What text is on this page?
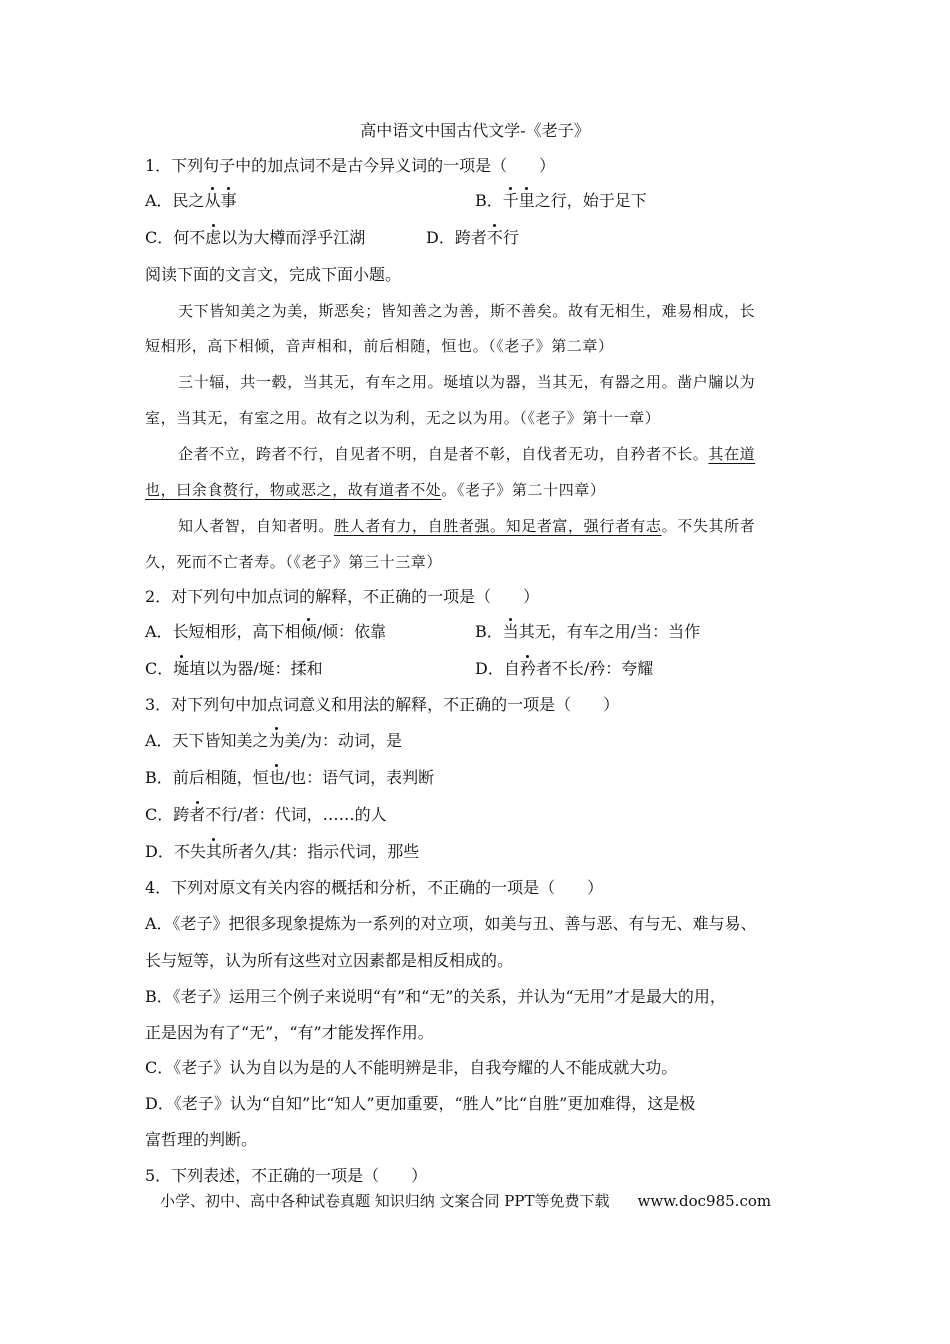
高中语文中国古代文学-《老子》
1．下列句子中的加点词不是古今异义词的一项是（　　）
A．民之从事	B．千里之行，始于足下
C．何不虑以为大樽而浮乎江湖	D．跨者不行
阅读下面的文言文，完成下面小题。
天下皆知美之为美，斯恶矣；皆知善之为善，斯不善矣。故有无相生，难易相成，长
短相形，高下相倾，音声相和，前后相随，恒也。（《老子》第二章）
三十辐，共一毂，当其无，有车之用。埏埴以为器，当其无，有器之用。凿户牖以为
室，当其无，有室之用。故有之以为利，无之以为用。（《老子》第十一章）
企者不立，跨者不行，自见者不明，自是者不彰，自伐者无功，自矜者不长。其在道
也，曰余食赘行，物或恶之，故有道者不处。《老子》第二十四章）
知人者智，自知者明。胜人者有力，自胜者强。知足者富，强行者有志。不失其所者
久，死而不亡者寿。（《老子》第三十三章）
2．对下列句中加点词的解释，不正确的一项是（　　）
A．长短相形，高下相倾/倾：依靠	B．当其无，有车之用/当：当作
C．埏埴以为器/埏：揉和	D．自矜者不长/矜：夸耀
3．对下列句中加点词意义和用法的解释，不正确的一项是（　　）
A．天下皆知美之为美/为：动词，是
B．前后相随，恒也/也：语气词，表判断
C．跨者不行/者：代词，……的人
D．不失其所者久/其：指示代词，那些
4．下列对原文有关内容的概括和分析，不正确的一项是（　　）
A．《老子》把很多现象提炼为一系列的对立项，如美与丑、善与恶、有与无、难与易、
长与短等，认为所有这些对立因素都是相反相成的。
B．《老子》运用三个例子来说明“有”和“无”的关系，并认为“无用”才是最大的用，
正是因为有了“无”，“有”才能发挥作用。
C．《老子》认为自以为是的人不能明辨是非，自我夸耀的人不能成就大功。
D．《老子》认为“自知”比“知人”更加重要，“胜人”比“自胜”更加难得，这是极
富哲理的判断。
5．下列表述，不正确的一项是（　　）
小学、初中、高中各种试卷真题 知识归纳 文案合同 PPT等免费下载 www.doc985.com
